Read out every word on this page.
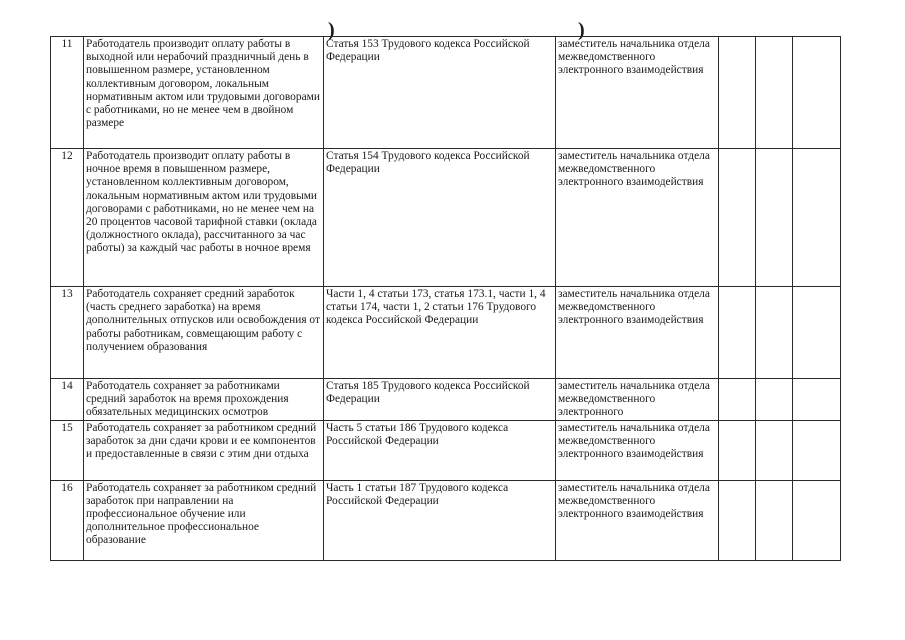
)	)
11	Работодатель производит оплату работы в выходной или нерабочий праздничный день в повышенном размере, установленном коллективным договором, локальным нормативным актом или трудовыми договорами с работниками, но не менее чем в двойном размере	Статья 153 Трудового кодекса Российской Федерации	заместитель начальника отдела межведомственного электронного взаимодействия			
12	Работодатель производит оплату работы в ночное время в повышенном размере, установленном коллективным договором, локальным нормативным актом или трудовыми договорами с работниками, но не менее чем на 20 процентов часовой тарифной ставки (оклада (должностного оклада), рассчитанного за час работы) за каждый час работы в ночное время	Статья 154 Трудового кодекса Российской Федерации	заместитель начальника отдела межведомственного электронного взаимодействия			
13	Работодатель сохраняет средний заработок (часть среднего заработка) на время дополнительных отпусков или освобождения от работы работникам, совмещающим работу с получением образования	Части 1, 4 статьи 173, статья 173.1, части 1, 4 статьи 174, части 1, 2 статьи 176 Трудового кодекса Российской Федерации	заместитель начальника отдела межведомственного электронного взаимодействия			
14	Работодатель сохраняет за работниками средний заработок на время прохождения обязательных медицинских осмотров	Статья 185 Трудового кодекса Российской Федерации	заместитель начальника отдела межведомственного электронного			
15	Работодатель сохраняет за работником средний заработок за дни сдачи крови и ее компонентов и предоставленные в связи с этим дни отдыха	Часть 5 статьи 186 Трудового кодекса Российской Федерации	заместитель начальника отдела межведомственного электронного взаимодействия			
16	Работодатель сохраняет за работником средний заработок при направлении на профессиональное обучение или дополнительное профессиональное образование	Часть 1 статьи 187 Трудового кодекса Российской Федерации	заместитель начальника отдела межведомственного электронного взаимодействия			
